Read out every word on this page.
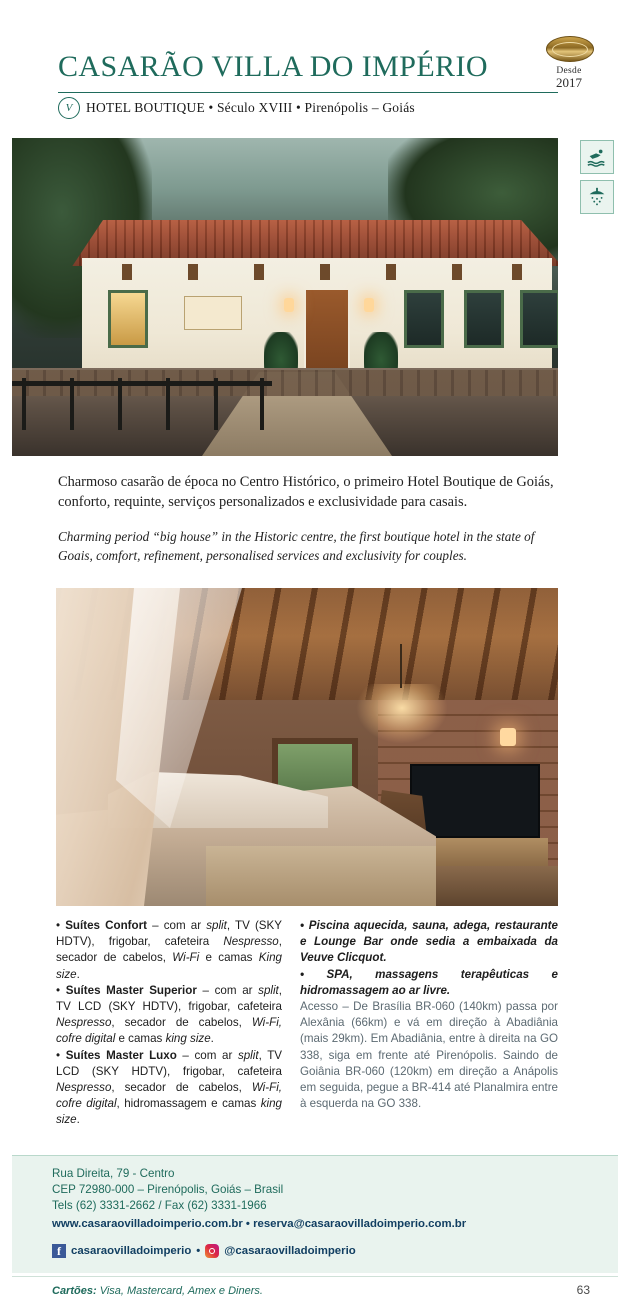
CASARÃO VILLA DO IMPÉRIO
V	HOTEL BOUTIQUE • Século XVIII • Pirenópolis – Goiás
Desde
2017
Charmoso casarão de época no Centro Histórico, o primeiro Hotel Boutique de Goiás, conforto, requinte, serviços personalizados e exclusividade para casais.
Charming period “big house” in the Historic centre, the first boutique hotel in the state of Goais, comfort, refinement, personalised services and exclusivity for couples.

• Suítes Confort – com ar split, TV (SKY HDTV), frigobar, cafeteira Nespresso, secador de cabelos, Wi-Fi e camas King size.

• Suítes Master Superior – com ar split, TV LCD (SKY HDTV), frigobar, cafeteira Nespresso, secador de cabelos, Wi-Fi, cofre digital e camas king size.

• Suítes Master Luxo – com ar split, TV LCD (SKY HDTV), frigobar, cafeteira Nespresso, secador de cabelos, Wi-Fi, cofre digital, hidromassagem e camas king size.

• Piscina aquecida, sauna, adega, restaurante e Lounge Bar onde sedia a embaixada da Veuve Clicquot.

• SPA, massagens terapêuticas e hidromassagem ao ar livre.

Acesso – De Brasília BR-060 (140km) passa por Alexânia (66km) e vá em direção à Abadiânia (mais 29km). Em Abadiânia, entre à direita na GO 338, siga em frente até Pirenópolis. Saindo de Goiânia BR-060 (120km) em direção a Anápolis em seguida, pegue a BR-414 até Planalmira entre à esquerda na GO 338.

Rua Direita, 79 - Centro
CEP 72980-000 – Pirenópolis, Goiás – Brasil
Tels (62) 3331-2662 / Fax (62) 3331-1966
www.casaraovilladoimperio.com.br • reserva@casaraovilladoimperio.com.br
f casaraovilladoimperio • @casaraovilladoimperio
Cartões: Visa, Mastercard, Amex e Diners.	63
